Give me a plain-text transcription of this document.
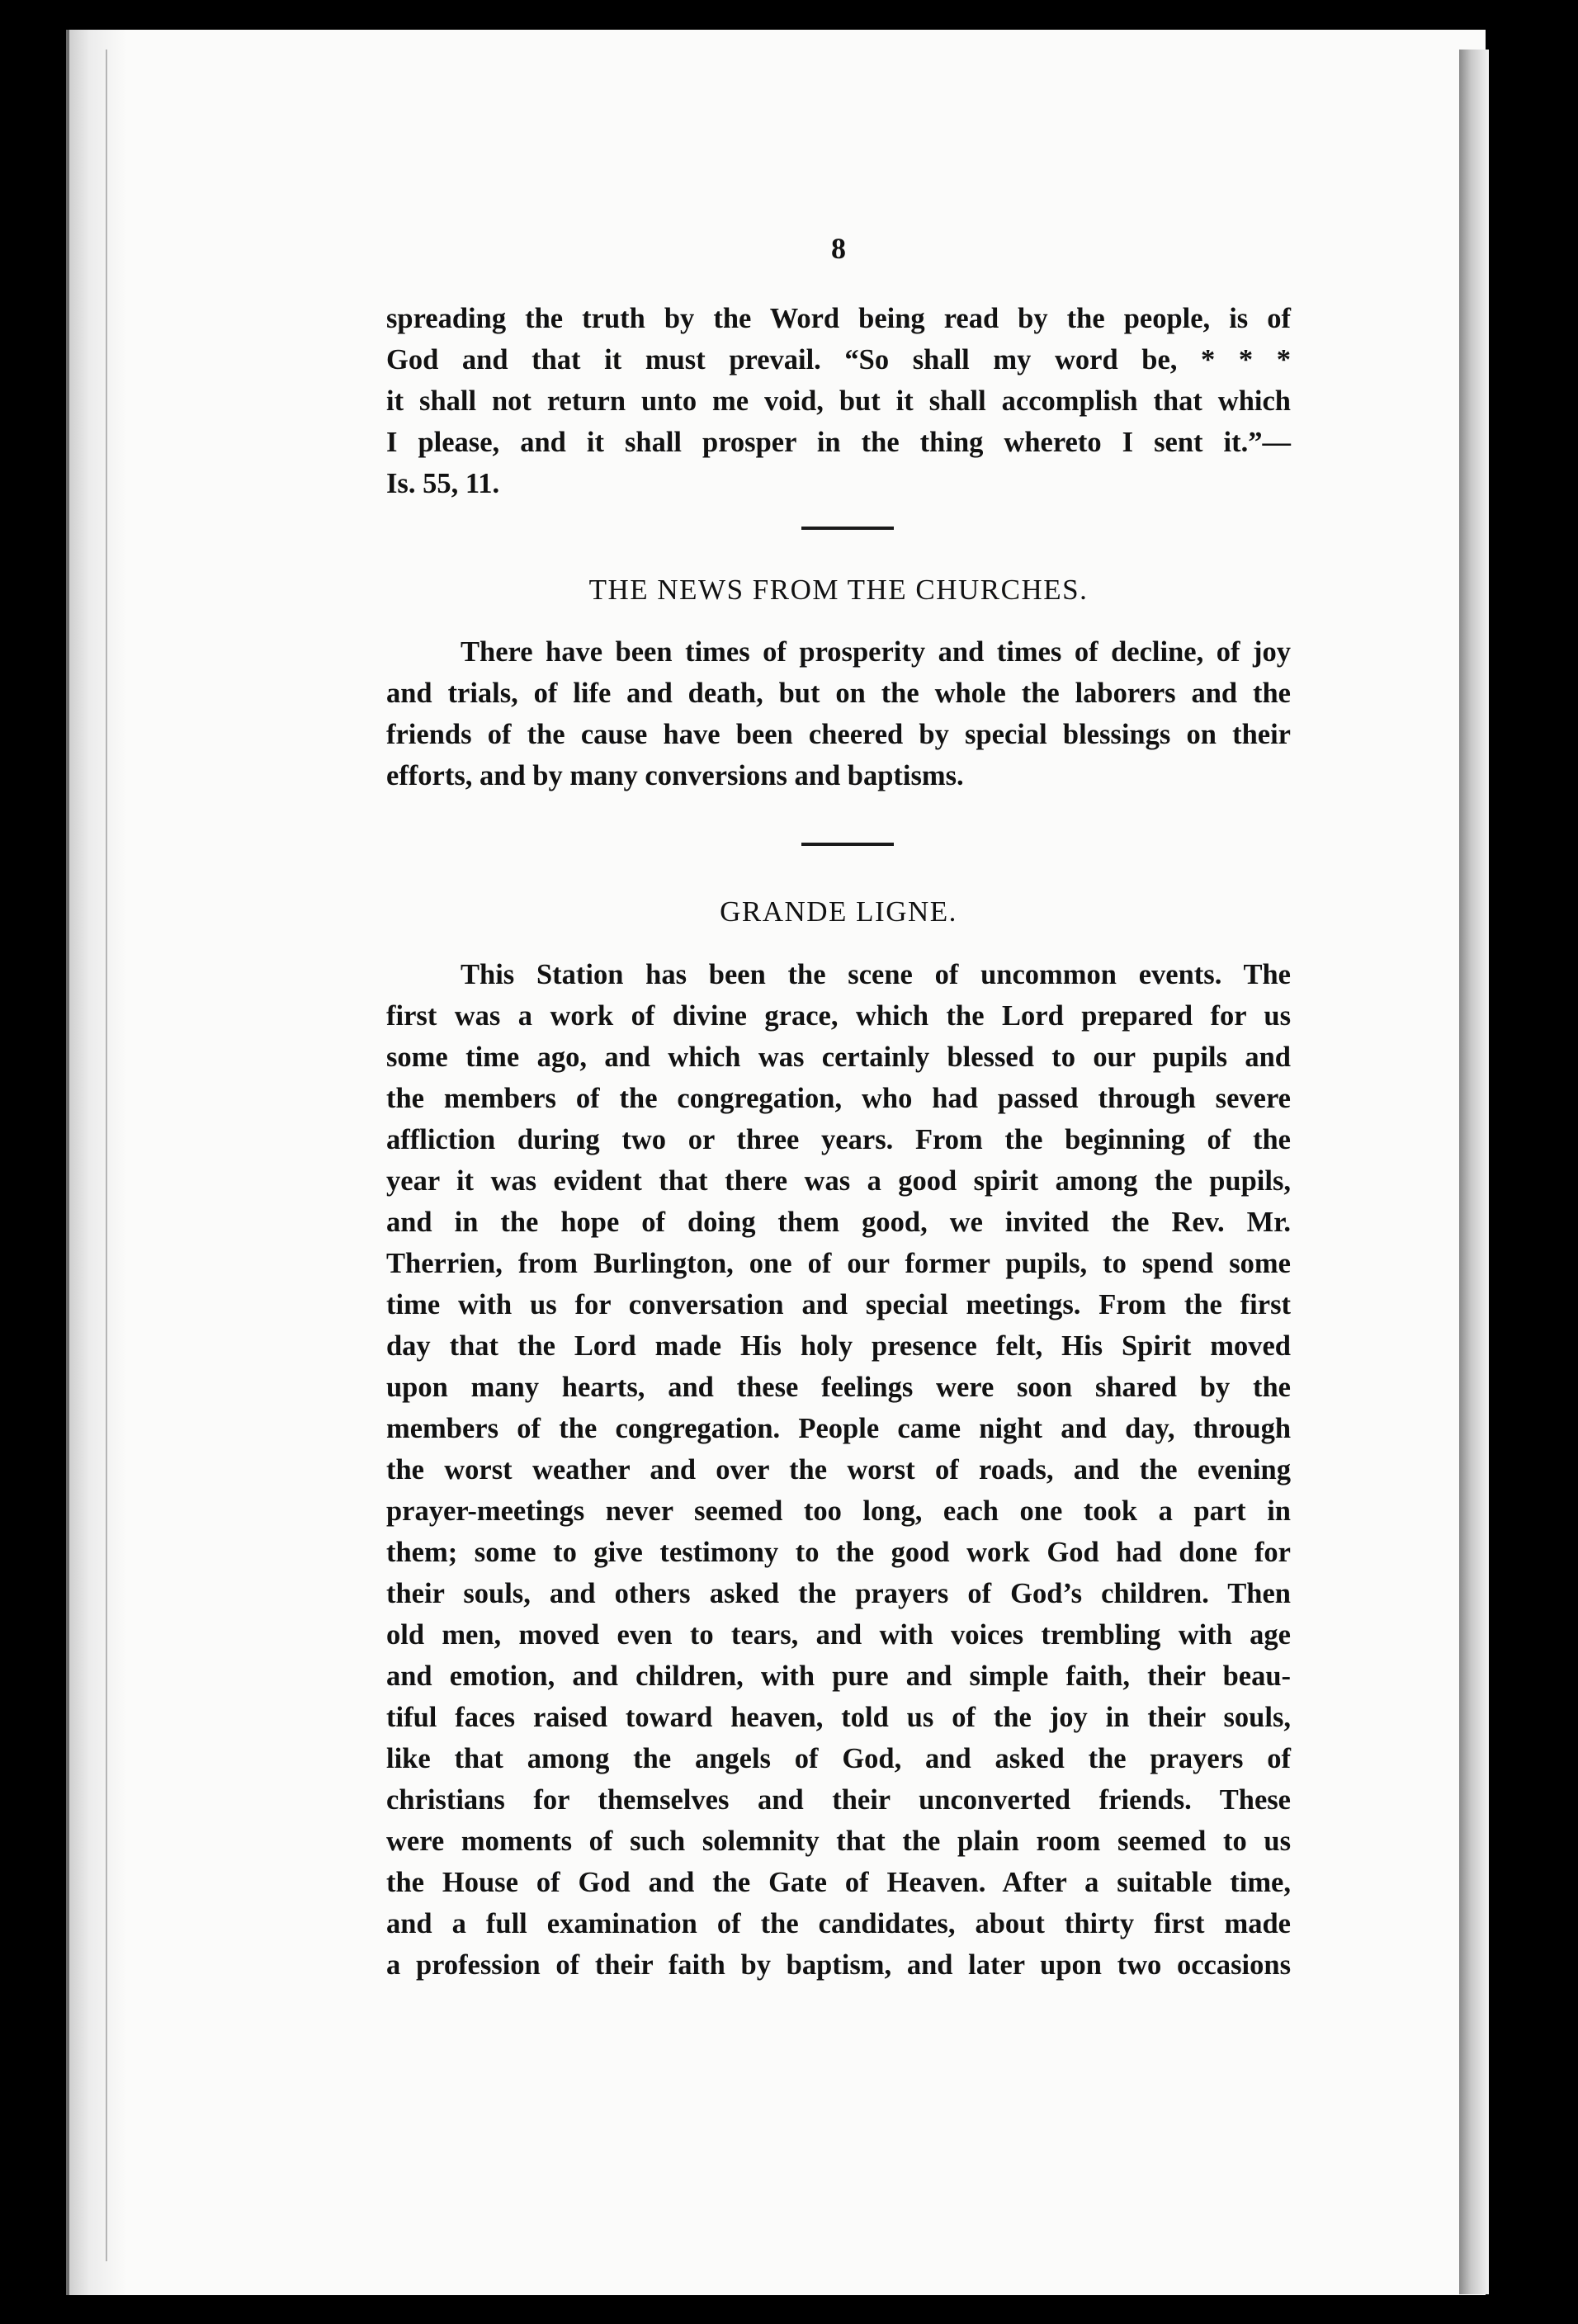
8
spreading the truth by the Word being read by the people, is of
God and that it must prevail. “So shall my word be, * * *
it shall not return unto me void, but it shall accomplish that which
I please, and it shall prosper in the thing whereto I sent it.”—
Is. 55, 11.
THE NEWS FROM THE CHURCHES.
There have been times of prosperity and times of decline, of joy
and trials, of life and death, but on the whole the laborers and the
friends of the cause have been cheered by special blessings on their
efforts, and by many conversions and baptisms.
GRANDE LIGNE.
This Station has been the scene of uncommon events. The
first was a work of divine grace, which the Lord prepared for us
some time ago, and which was certainly blessed to our pupils and
the members of the congregation, who had passed through severe
affliction during two or three years. From the beginning of the
year it was evident that there was a good spirit among the pupils,
and in the hope of doing them good, we invited the Rev. Mr.
Therrien, from Burlington, one of our former pupils, to spend some
time with us for conversation and special meetings. From the first
day that the Lord made His holy presence felt, His Spirit moved
upon many hearts, and these feelings were soon shared by the
members of the congregation. People came night and day, through
the worst weather and over the worst of roads, and the evening
prayer-meetings never seemed too long, each one took a part in
them; some to give testimony to the good work God had done for
their souls, and others asked the prayers of God’s children. Then
old men, moved even to tears, and with voices trembling with age
and emotion, and children, with pure and simple faith, their beau-
tiful faces raised toward heaven, told us of the joy in their souls,
like that among the angels of God, and asked the prayers of
christians for themselves and their unconverted friends. These
were moments of such solemnity that the plain room seemed to us
the House of God and the Gate of Heaven. After a suitable time,
and a full examination of the candidates, about thirty first made
a profession of their faith by baptism, and later upon two occasions
